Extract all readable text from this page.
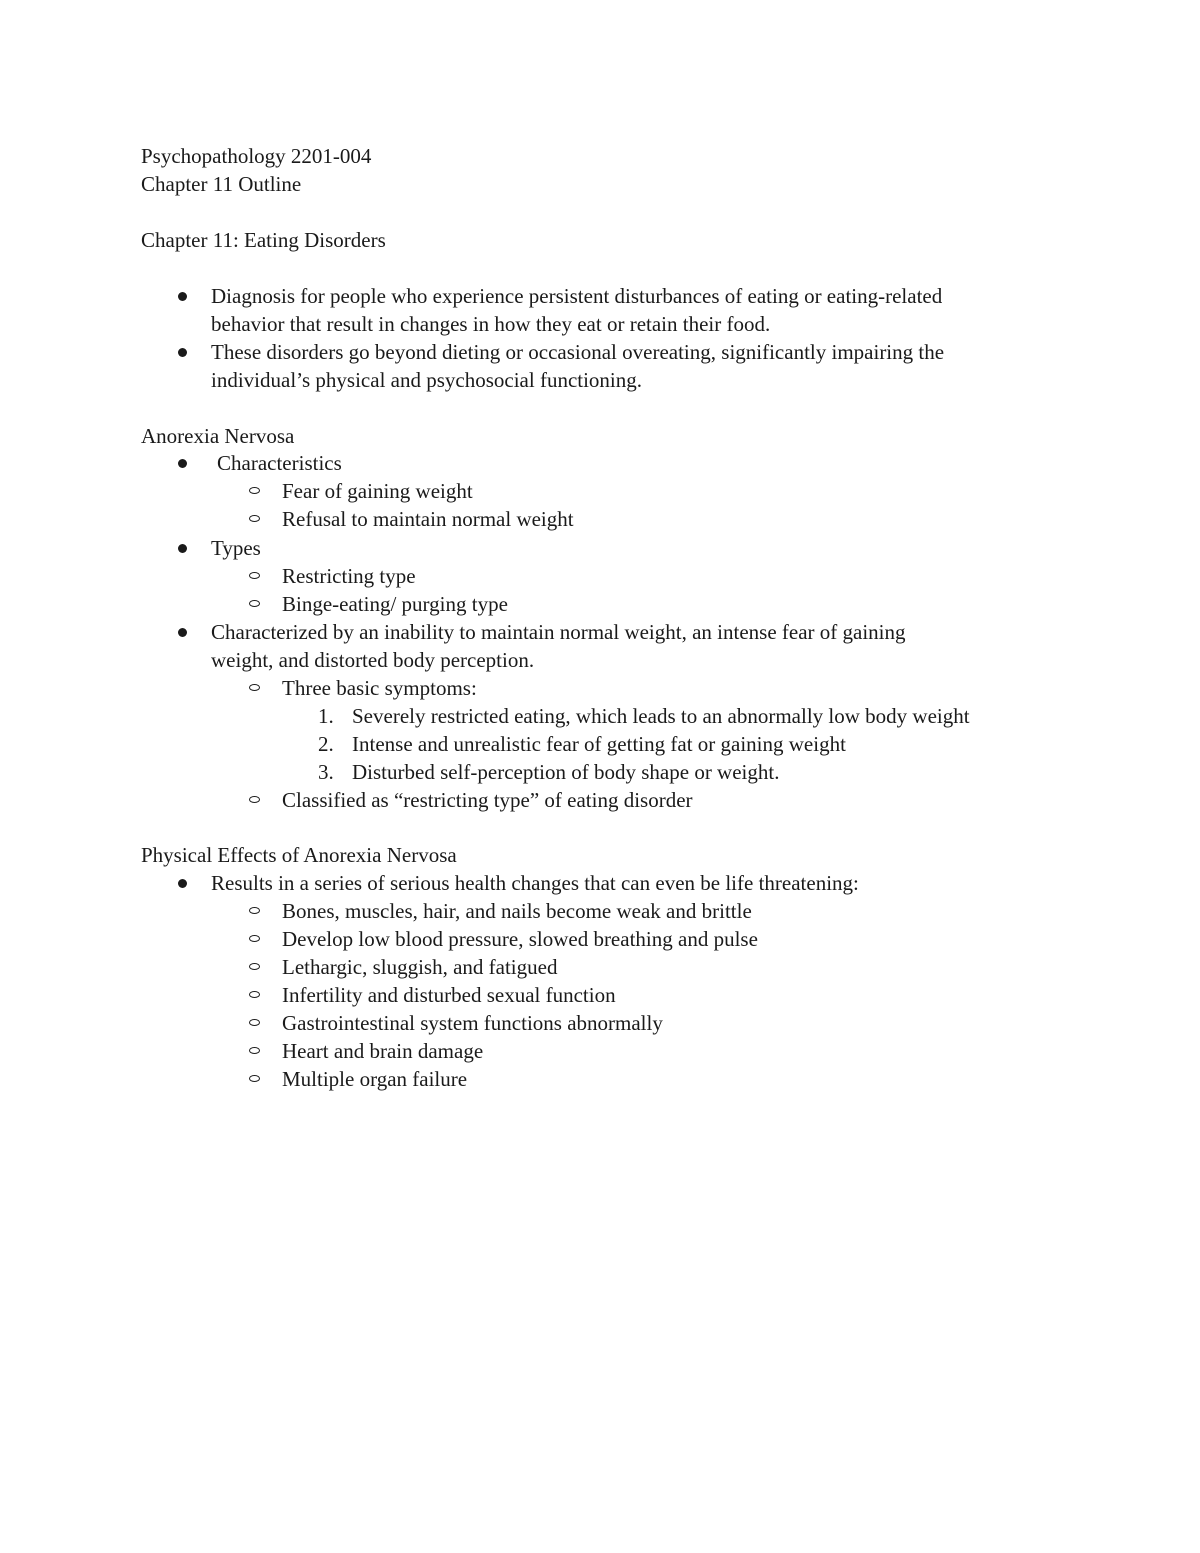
Psychopathology 2201-004
Chapter 11 Outline
Chapter 11: Eating Disorders
Diagnosis for people who experience persistent disturbances of eating or eating-related
behavior that result in changes in how they eat or retain their food.
These disorders go beyond dieting or occasional overeating, significantly impairing the
individual’s physical and psychosocial functioning.
Anorexia Nervosa
Characteristics
Fear of gaining weight
Refusal to maintain normal weight
Types
Restricting type
Binge-eating/ purging type
Characterized by an inability to maintain normal weight, an intense fear of gaining
weight, and distorted body perception.
Three basic symptoms:
1. Severely restricted eating, which leads to an abnormally low body weight
2. Intense and unrealistic fear of getting fat or gaining weight
3. Disturbed self-perception of body shape or weight.
Classified as “restricting type” of eating disorder
Physical Effects of Anorexia Nervosa
Results in a series of serious health changes that can even be life threatening:
Bones, muscles, hair, and nails become weak and brittle
Develop low blood pressure, slowed breathing and pulse
Lethargic, sluggish, and fatigued
Infertility and disturbed sexual function
Gastrointestinal system functions abnormally
Heart and brain damage
Multiple organ failure
